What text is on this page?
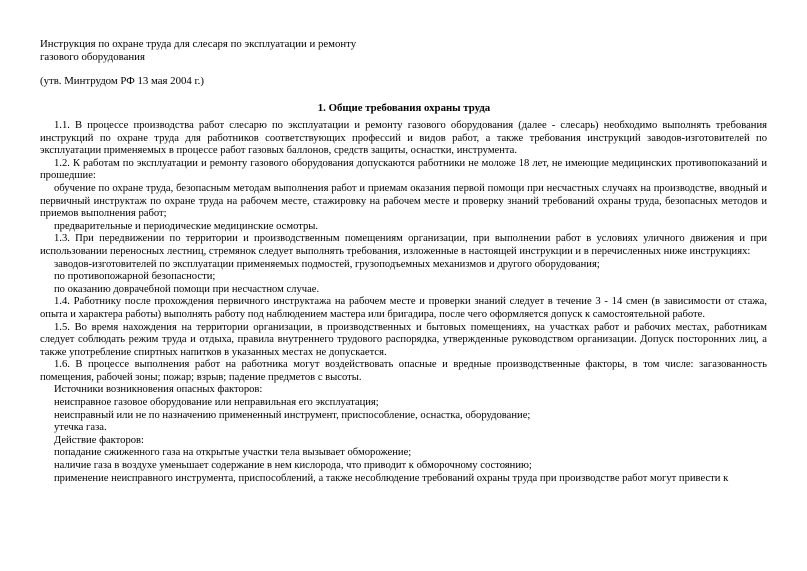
Инструкция по охране труда для слесаря по эксплуатации и ремонту
газового оборудования
(утв. Минтрудом РФ 13 мая 2004 г.)
1. Общие требования охраны труда

1.1. В процессе производства работ слесарю по эксплуатации и ремонту газового оборудования (далее - слесарь) необходимо выполнять требования инструкций по охране труда для работников соответствующих профессий и видов работ, а также требования инструкций заводов-изготовителей по эксплуатации применяемых в процессе работ газовых баллонов, средств защиты, оснастки, инструмента.

1.2. К работам по эксплуатации и ремонту газового оборудования допускаются работники не моложе 18 лет, не имеющие медицинских противопоказаний и прошедшие:

обучение по охране труда, безопасным методам выполнения работ и приемам оказания первой помощи при несчастных случаях на производстве, вводный и первичный инструктаж по охране труда на рабочем месте, стажировку на рабочем месте и проверку знаний требований охраны труда, безопасных методов и приемов выполнения работ;

предварительные и периодические медицинские осмотры.

1.3. При передвижении по территории и производственным помещениям организации, при выполнении работ в условиях уличного движения и при использовании переносных лестниц, стремянок следует выполнять требования, изложенные в настоящей инструкции и в перечисленных ниже инструкциях:

заводов-изготовителей по эксплуатации применяемых подмостей, грузоподъемных механизмов и другого оборудования;

по противопожарной безопасности;

по оказанию доврачебной помощи при несчастном случае.

1.4. Работнику после прохождения первичного инструктажа на рабочем месте и проверки знаний следует в течение 3 - 14 смен (в зависимости от стажа, опыта и характера работы) выполнять работу под наблюдением мастера или бригадира, после чего оформляется допуск к самостоятельной работе.

1.5. Во время нахождения на территории организации, в производственных и бытовых помещениях, на участках работ и рабочих местах, работникам следует соблюдать режим труда и отдыха, правила внутреннего трудового распорядка, утвержденные руководством организации. Допуск посторонних лиц, а также употребление спиртных напитков в указанных местах не допускается.

1.6. В процессе выполнения работ на работника могут воздействовать опасные и вредные производственные факторы, в том числе: загазованность помещения, рабочей зоны; пожар; взрыв; падение предметов с высоты.

Источники возникновения опасных факторов:

неисправное газовое оборудование или неправильная его эксплуатация;

неисправный или не по назначению примененный инструмент, приспособление, оснастка, оборудование;

утечка газа.

Действие факторов:

попадание сжиженного газа на открытые участки тела вызывает обморожение;

наличие газа в воздухе уменьшает содержание в нем кислорода, что приводит к обморочному состоянию;

применение неисправного инструмента, приспособлений, а также несоблюдение требований охраны труда при производстве работ могут привести к
